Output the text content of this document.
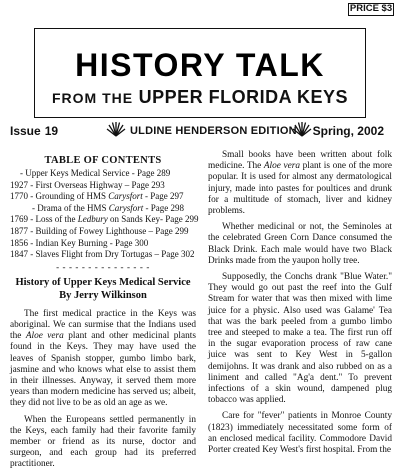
PRICE $3
HISTORY TALK
FROM THE UPPER FLORIDA KEYS
Issue 19	ULDINE HENDERSON EDITION Spring, 2002
TABLE OF CONTENTS
- Upper Keys Medical Service - Page 289
1927 - First Overseas Highway – Page 293
1770 - Grounding of HMS Carysfort - Page 297
- Drama of the HMS Carysfort - Page 298
1769 - Loss of the Ledbury on Sands Key- Page 299
1877 - Building of Fowey Lighthouse – Page 299
1856 - Indian Key Burning - Page 300
1847 - Slaves Flight from Dry Tortugas – Page 302
- - - - - - - - - - - - - - -
History of Upper Keys Medical Service
By Jerry Wilkinson

The first medical practice in the Keys was aboriginal. We can surmise that the Indians used the Aloe vera plant and other medicinal plants found in the Keys. They may have used the leaves of Spanish stopper, gumbo limbo bark, jasmine and who knows what else to assist them in their illnesses. Anyway, it served them more years than modern medicine has served us; albeit, they did not live to be as old an age as we.

When the Europeans settled permanently in the Keys, each family had their favorite family member or friend as its nurse, doctor and surgeon, and each group had its preferred practitioner.

Small books have been written about folk medicine. The Aloe vera plant is one of the more popular. It is used for almost any dermatological injury, made into pastes for poultices and drunk for a multitude of stomach, liver and kidney problems.

Whether medicinal or not, the Seminoles at the celebrated Green Corn Dance consumed the Black Drink. Each male would have two Black Drinks made from the yaupon holly tree.

Supposedly, the Conchs drank "Blue Water." They would go out past the reef into the Gulf Stream for water that was then mixed with lime juice for a physic. Also used was Galame' Tea that was the bark peeled from a gumbo limbo tree and steeped to make a tea. The first run off in the sugar evaporation process of raw cane juice was sent to Key West in 5-gallon demijohns. It was drank and also rubbed on as a liniment and called "Ag'a dent." To prevent infections of a skin wound, dampened plug tobacco was applied.

Care for "fever" patients in Monroe County (1823) immediately necessitated some form of an enclosed medical facility. Commodore David Porter created Key West's first hospital. From the
